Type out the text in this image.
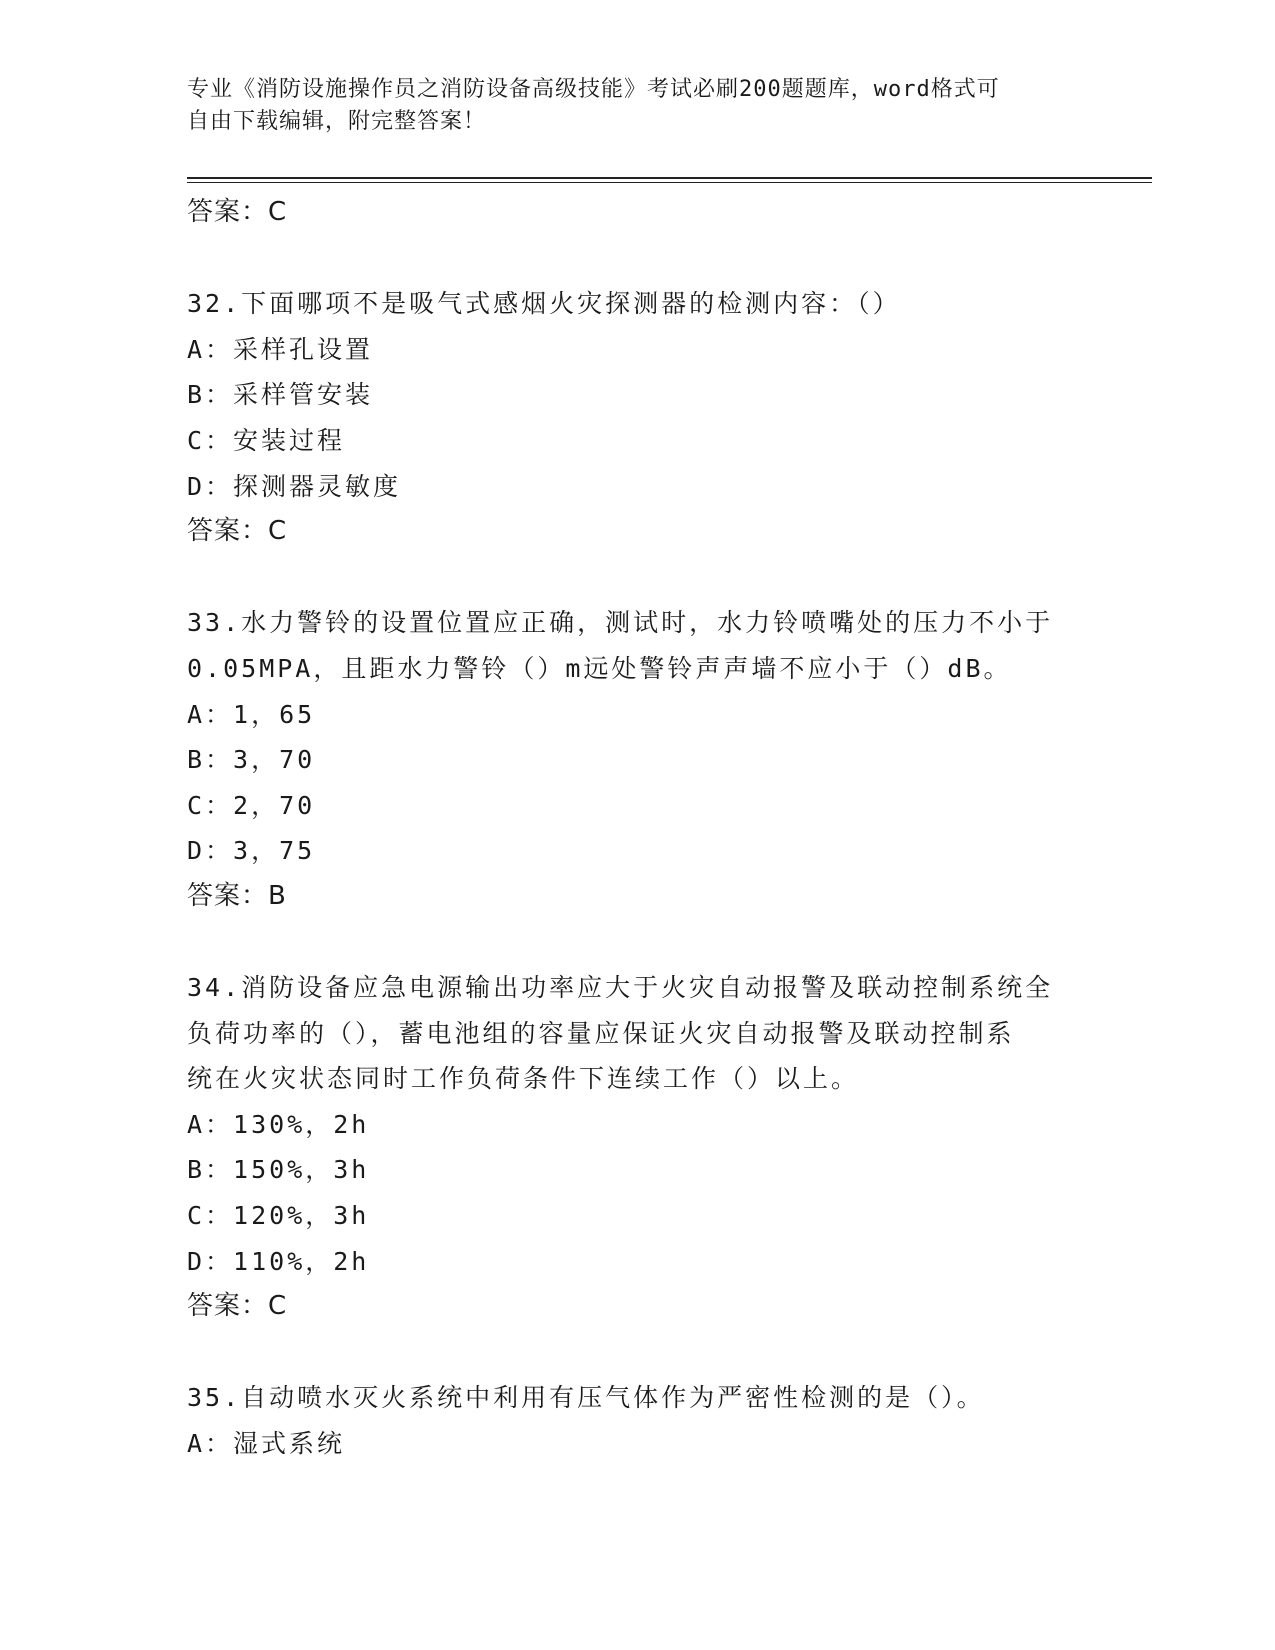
专业《消防设施操作员之消防设备高级技能》考试必刷200题题库，word格式可
自由下载编辑，附完整答案！
答案：C
32.下面哪项不是吸气式感烟火灾探测器的检测内容：（）
A：采样孔设置
B：采样管安装
C：安装过程
D：探测器灵敏度
答案：C
33.水力警铃的设置位置应正确，测试时，水力铃喷嘴处的压力不小于
0.05MPA，且距水力警铃（）m远处警铃声声墙不应小于（）dB。
A：1，65
B：3，70
C：2，70
D：3，75
答案：B
34.消防设备应急电源输出功率应大于火灾自动报警及联动控制系统全
负荷功率的（），蓄电池组的容量应保证火灾自动报警及联动控制系
统在火灾状态同时工作负荷条件下连续工作（）以上。
A：130%，2h
B：150%，3h
C：120%，3h
D：110%，2h
答案：C
35.自动喷水灭火系统中利用有压气体作为严密性检测的是（）。
A：湿式系统
